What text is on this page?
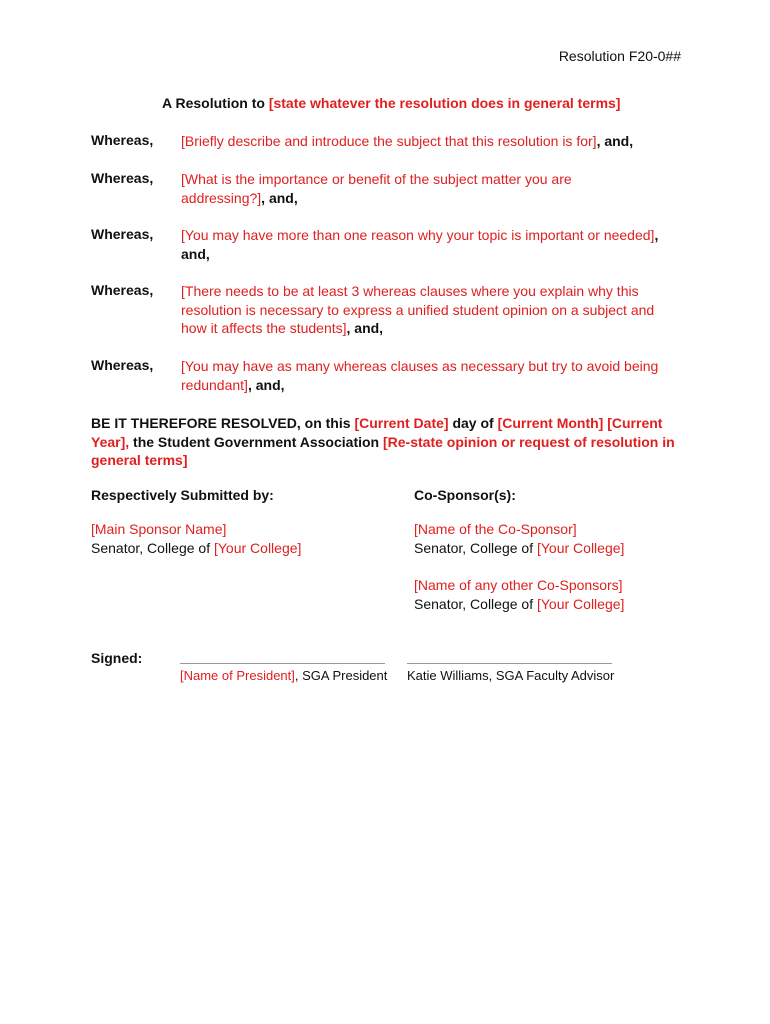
Resolution F20-0##
A Resolution to [state whatever the resolution does in general terms]
Whereas, [Briefly describe and introduce the subject that this resolution is for], and,
Whereas, [What is the importance or benefit of the subject matter you are addressing?], and,
Whereas, [You may have more than one reason why your topic is important or needed], and,
Whereas, [There needs to be at least 3 whereas clauses where you explain why this resolution is necessary to express a unified student opinion on a subject and how it affects the students], and,
Whereas, [You may have as many whereas clauses as necessary but try to avoid being redundant], and,
BE IT THEREFORE RESOLVED, on this [Current Date] day of [Current Month] [Current Year], the Student Government Association [Re-state opinion or request of resolution in general terms]
Respectively Submitted by:
[Main Sponsor Name]
Senator, College of [Your College]
Co-Sponsor(s):
[Name of the Co-Sponsor]
Senator, College of [Your College]
[Name of any other Co-Sponsors]
Senator, College of [Your College]
Signed:
[Name of President], SGA President Katie Williams, SGA Faculty Advisor
